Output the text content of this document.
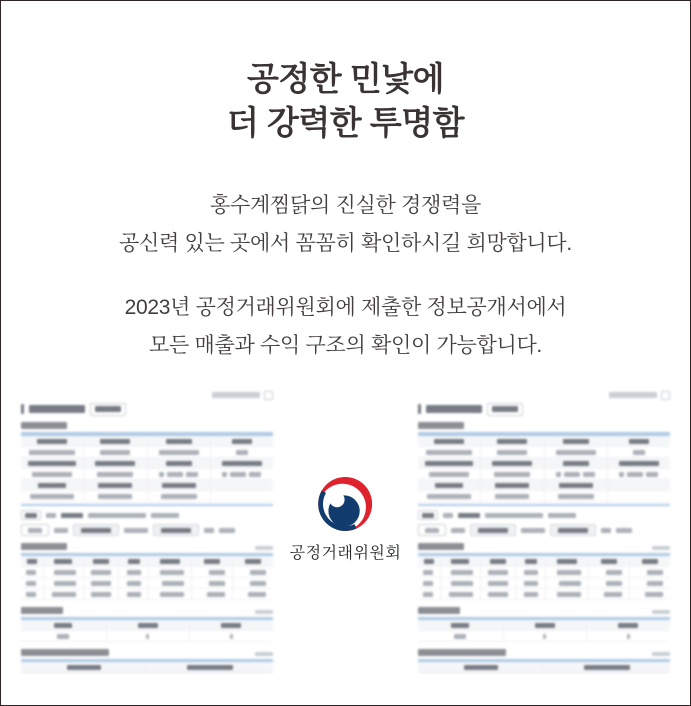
공정한 민낯에
더 강력한 투명함

홍수계찜닭의 진실한 경쟁력을
공신력 있는 곳에서 꼼꼼히 확인하시길 희망합니다.

2023년 공정거래위원회에 제출한 정보공개서에서
모든 매출과 수익 구조의 확인이 가능합니다.

공정거래위원회
